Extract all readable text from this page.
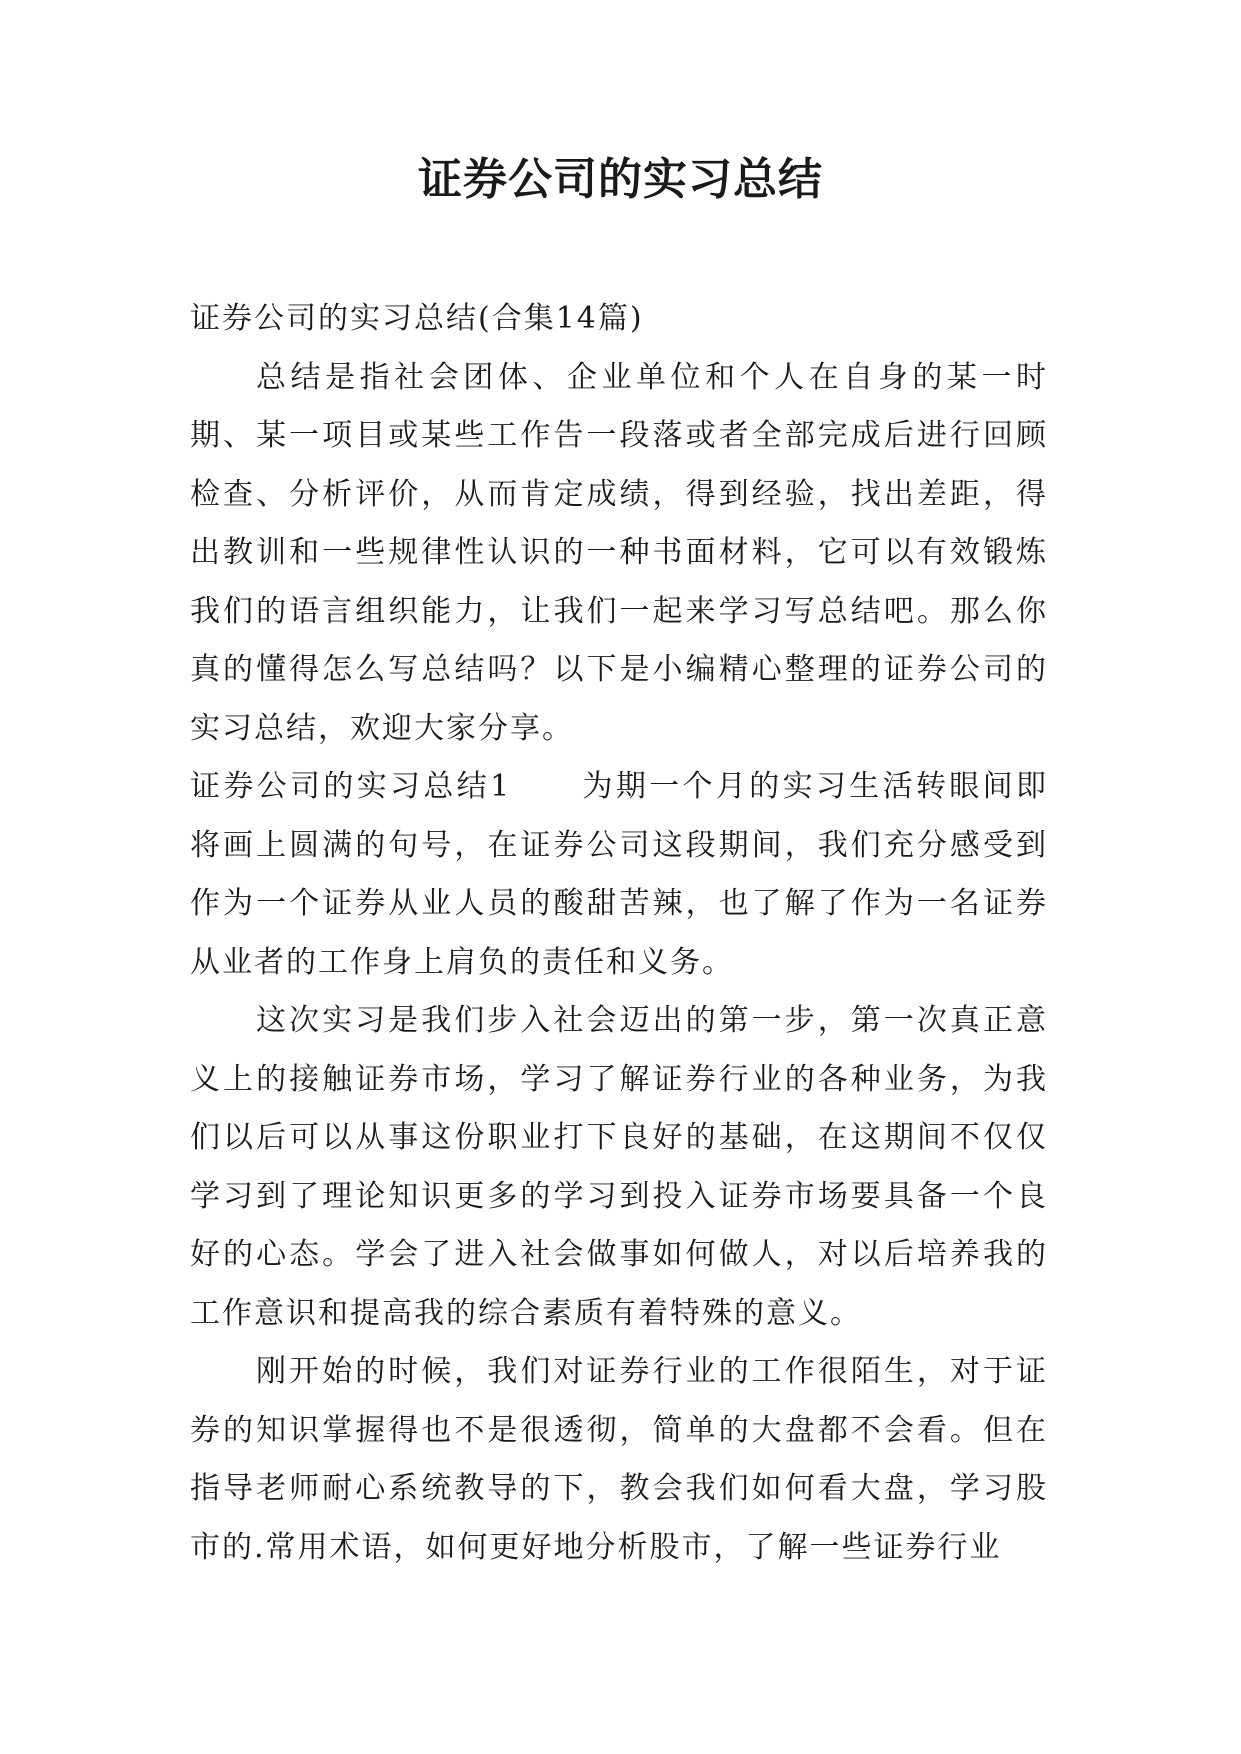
证券公司的实习总结

证券公司的实习总结(合集14篇)

总结是指社会团体、企业单位和个人在自身的某一时期、某一项目或某些工作告一段落或者全部完成后进行回顾检查、分析评价，从而肯定成绩，得到经验，找出差距，得出教训和一些规律性认识的一种书面材料，它可以有效锻炼我们的语言组织能力，让我们一起来学习写总结吧。那么你真的懂得怎么写总结吗？以下是小编精心整理的证券公司的实习总结，欢迎大家分享。

证券公司的实习总结1 为期一个月的实习生活转眼间即将画上圆满的句号，在证券公司这段期间，我们充分感受到作为一个证券从业人员的酸甜苦辣，也了解了作为一名证券从业者的工作身上肩负的责任和义务。

这次实习是我们步入社会迈出的第一步，第一次真正意义上的接触证券市场，学习了解证券行业的各种业务，为我们以后可以从事这份职业打下良好的基础，在这期间不仅仅学习到了理论知识更多的学习到投入证券市场要具备一个良好的心态。学会了进入社会做事如何做人，对以后培养我的工作意识和提高我的综合素质有着特殊的意义。

刚开始的时候，我们对证券行业的工作很陌生，对于证券的知识掌握得也不是很透彻，简单的大盘都不会看。但在指导老师耐心系统教导的下，教会我们如何看大盘，学习股市的.常用术语，如何更好地分析股市，了解一些证券行业
